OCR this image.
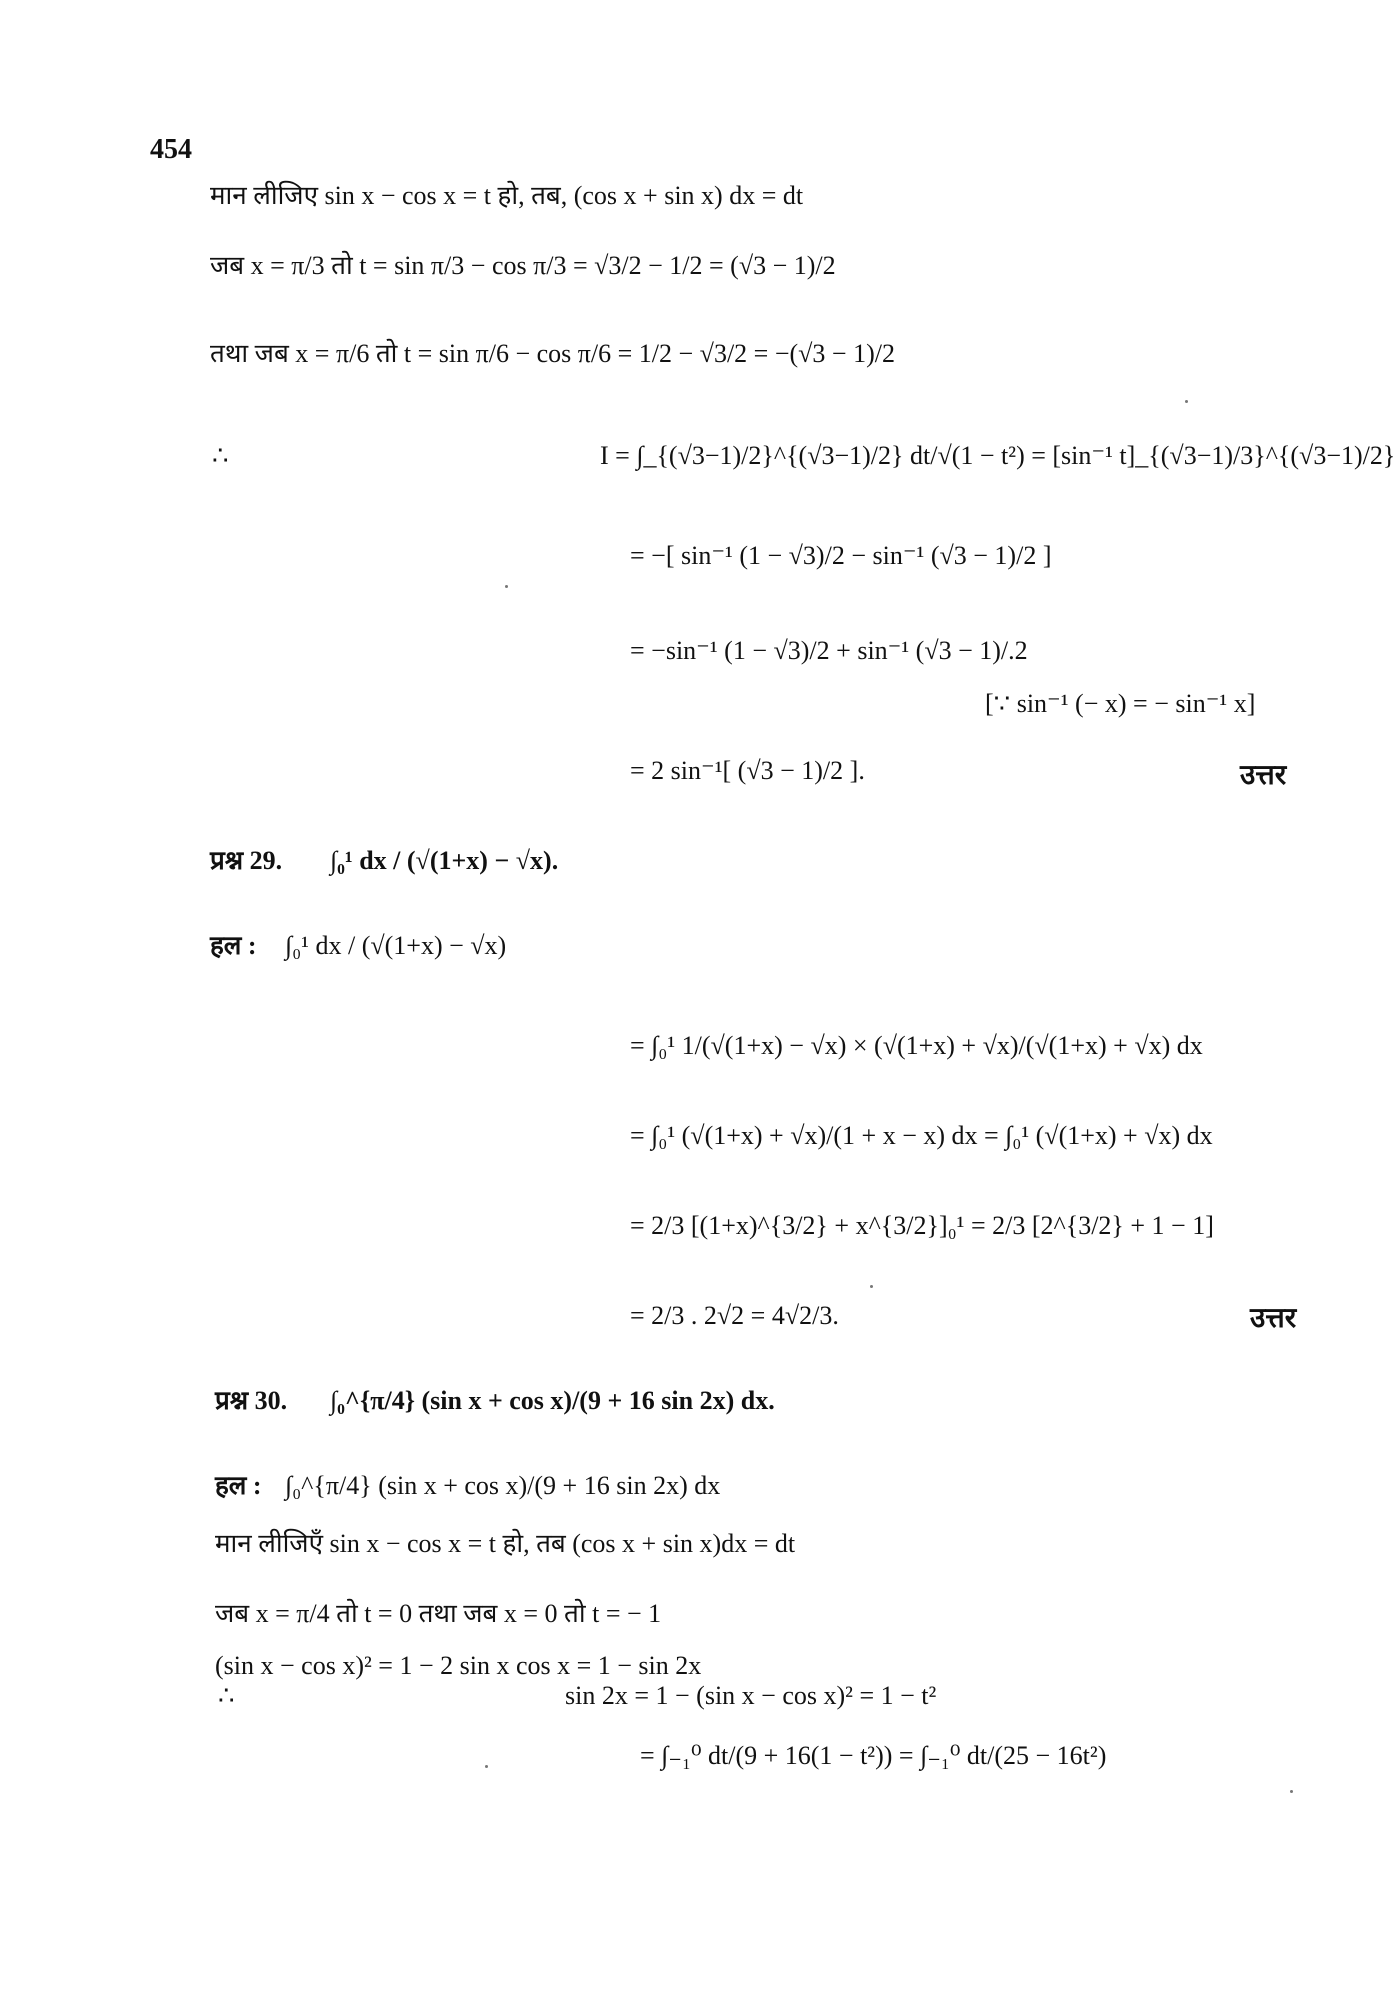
454
मान लीजिए sin x − cos x = t हो, तब, (cos x + sin x) dx = dt
जब x = π/3 तो t = sin π/3 − cos π/3 = √3/2 − 1/2 = (√3 − 1)/2
तथा जब x = π/6 तो t = sin π/6 − cos π/6 = 1/2 − √3/2 = −(√3 − 1)/2
∴	I = ∫_{(√3−1)/2}^{(√3−1)/2} dt/√(1 − t²) = [sin⁻¹ t]_{(√3−1)/3}^{(√3−1)/2}
= −[ sin⁻¹ (1 − √3)/2 − sin⁻¹ (√3 − 1)/2 ]
= −sin⁻¹ (1 − √3)/2 + sin⁻¹ (√3 − 1)/.2
[∵ sin⁻¹ (− x) = − sin⁻¹ x]
= 2 sin⁻¹[ (√3 − 1)/2 ].	उत्तर
प्रश्न 29. ∫₀¹ dx / (√(1+x) − √x).
हल : ∫₀¹ dx / (√(1+x) − √x)
= ∫₀¹ 1/(√(1+x) − √x) × (√(1+x) + √x)/(√(1+x) + √x) dx
= ∫₀¹ (√(1+x) + √x)/(1 + x − x) dx = ∫₀¹ (√(1+x) + √x) dx
= 2/3 [(1+x)^{3/2} + x^{3/2}]₀¹ = 2/3 [2^{3/2} + 1 − 1]
= 2/3 . 2√2 = 4√2/3.	उत्तर
प्रश्न 30. ∫₀^{π/4} (sin x + cos x)/(9 + 16 sin 2x) dx.
हल : ∫₀^{π/4} (sin x + cos x)/(9 + 16 sin 2x) dx
मान लीजिएँ sin x − cos x = t हो, तब (cos x + sin x)dx = dt
जब x = π/4 तो t = 0 तथा जब x = 0 तो t = − 1
(sin x − cos x)² = 1 − 2 sin x cos x = 1 − sin 2x
∴	sin 2x = 1 − (sin x − cos x)² = 1 − t²
= ∫₋₁⁰ dt/(9 + 16(1 − t²)) = ∫₋₁⁰ dt/(25 − 16t²)
